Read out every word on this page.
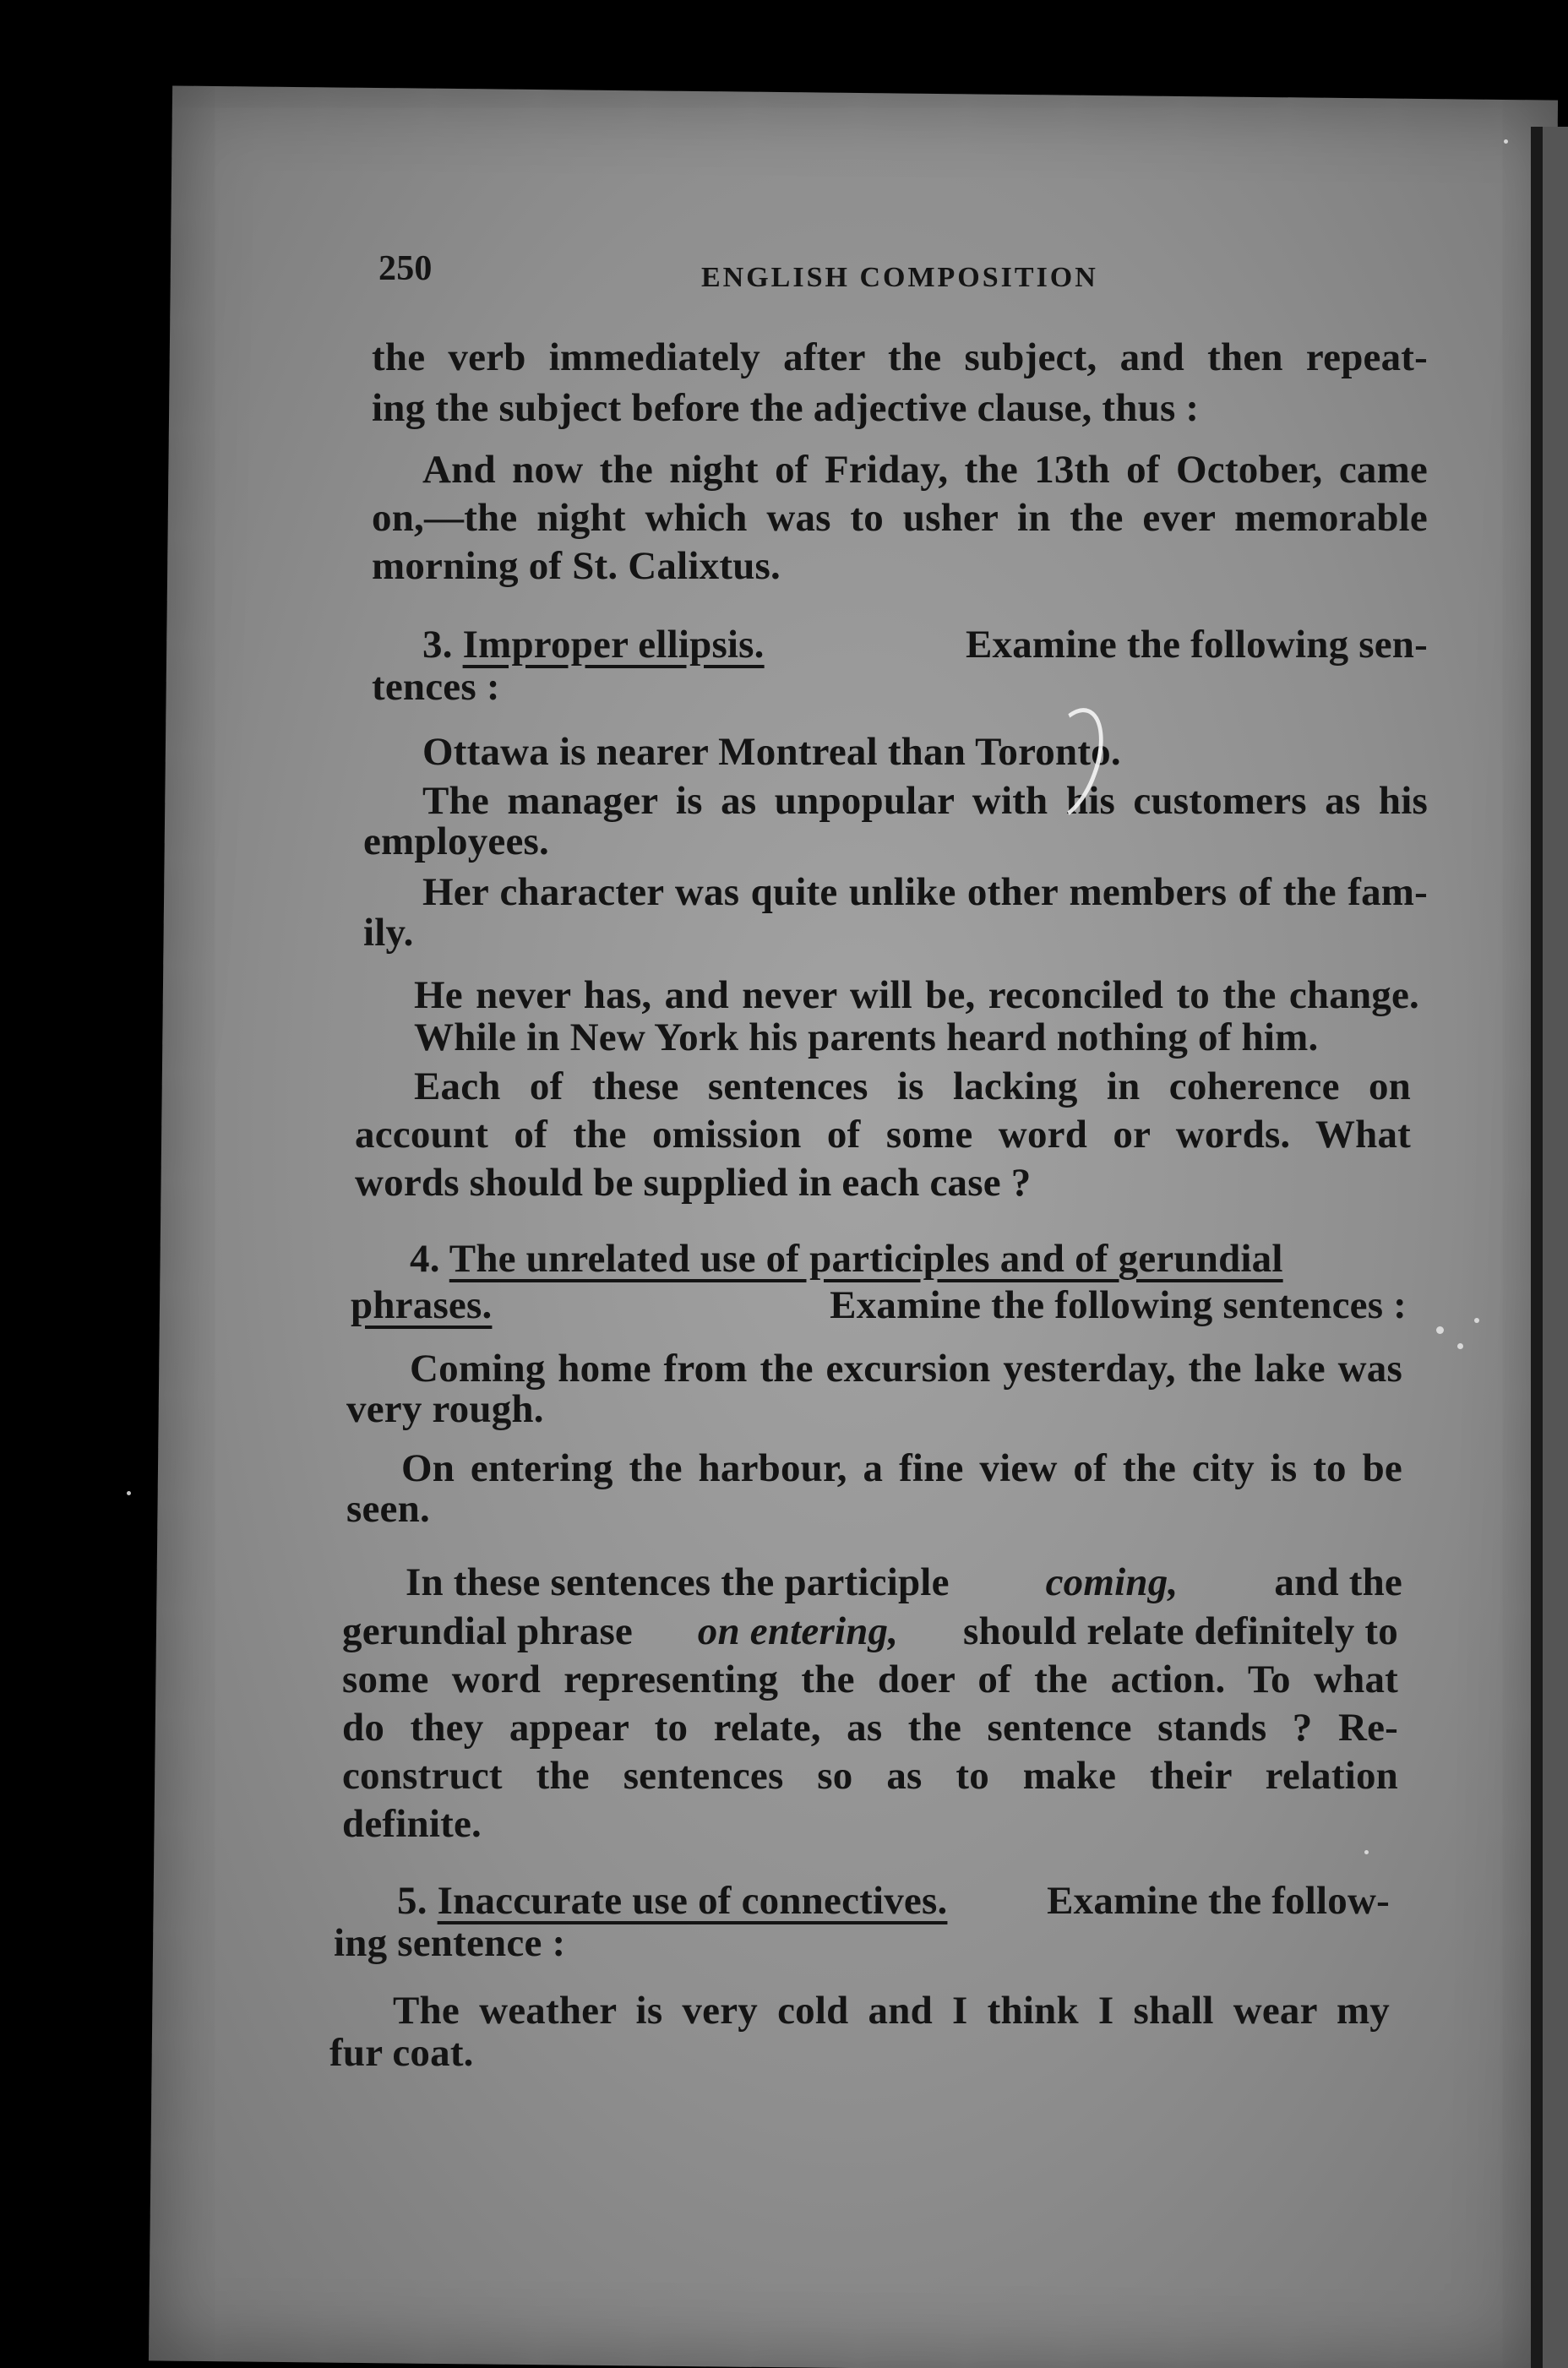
250	ENGLISH COMPOSITION
the verb immediately after the subject, and then repeat-
ing the subject before the adjective clause, thus :
And now the night of Friday, the 13th of October, came
on,—the night which was to usher in the ever memorable
morning of St. Calixtus.
3. Improper ellipsis.	Examine the following sen-
tences :
Ottawa is nearer Montreal than Toronto.
The manager is as unpopular with his customers as his
employees.
Her character was quite unlike other members of the fam-
ily.
He never has, and never will be, reconciled to the change.
While in New York his parents heard nothing of him.
Each of these sentences is lacking in coherence on
account of the omission of some word or words. What
words should be supplied in each case ?
4. The unrelated use of participles and of gerundial
phrases.	Examine the following sentences :
Coming home from the excursion yesterday, the lake was
very rough.
On entering the harbour, a fine view of the city is to be
seen.
In these sentences the participle coming, and the
gerundial phrase on entering, should relate definitely to
some word representing the doer of the action. To what
do they appear to relate, as the sentence stands ? Re-
construct the sentences so as to make their relation
definite.
5. Inaccurate use of connectives.	Examine the follow-
ing sentence :
The weather is very cold and I think I shall wear my
fur coat.
